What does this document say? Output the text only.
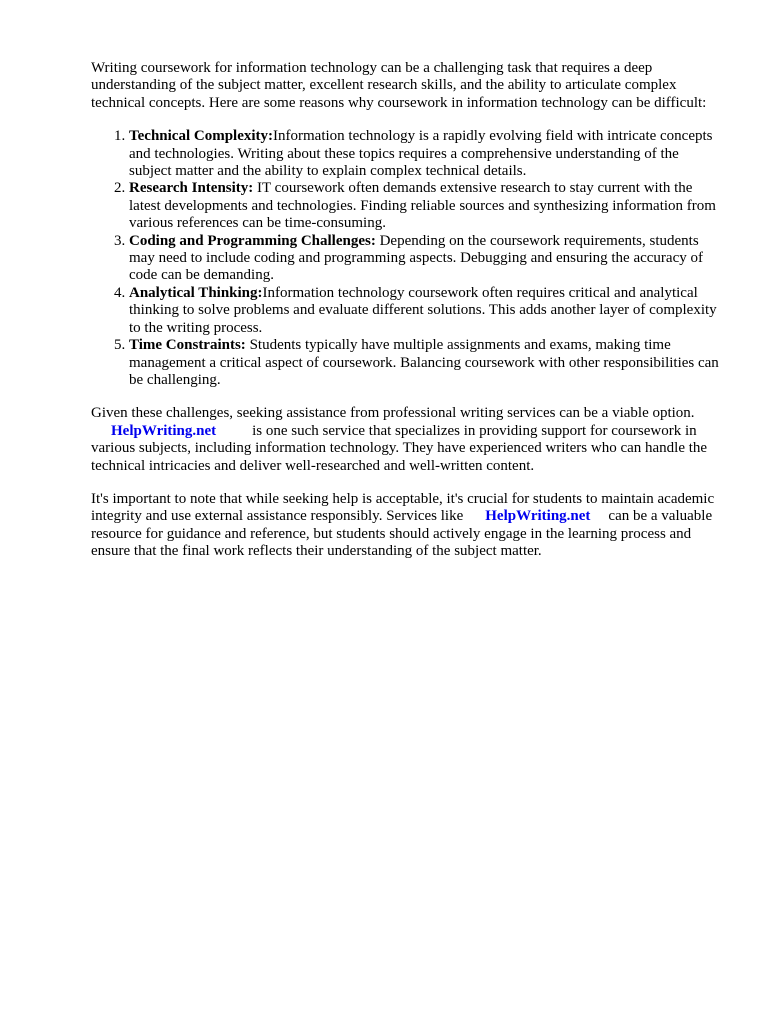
Writing coursework for information technology can be a challenging task that requires a deep understanding of the subject matter, excellent research skills, and the ability to articulate complex technical concepts. Here are some reasons why coursework in information technology can be difficult:

1. Technical Complexity:Information technology is a rapidly evolving field with intricate concepts and technologies. Writing about these topics requires a comprehensive understanding of the subject matter and the ability to explain complex technical details.
2. Research Intensity: IT coursework often demands extensive research to stay current with the latest developments and technologies. Finding reliable sources and synthesizing information from various references can be time-consuming.
3. Coding and Programming Challenges: Depending on the coursework requirements, students may need to include coding and programming aspects. Debugging and ensuring the accuracy of code can be demanding.
4. Analytical Thinking:Information technology coursework often requires critical and analytical thinking to solve problems and evaluate different solutions. This adds another layer of complexity to the writing process.
5. Time Constraints: Students typically have multiple assignments and exams, making time management a critical aspect of coursework. Balancing coursework with other responsibilities can be challenging.

Given these challenges, seeking assistance from professional writing services can be a viable option.
HelpWriting.net is one such service that specializes in providing support for coursework in various subjects, including information technology. They have experienced writers who can handle the technical intricacies and deliver well-researched and well-written content.

It's important to note that while seeking help is acceptable, it's crucial for students to maintain academic integrity and use external assistance responsibly. Services like HelpWriting.net can be a valuable resource for guidance and reference, but students should actively engage in the learning process and ensure that the final work reflects their understanding of the subject matter.
